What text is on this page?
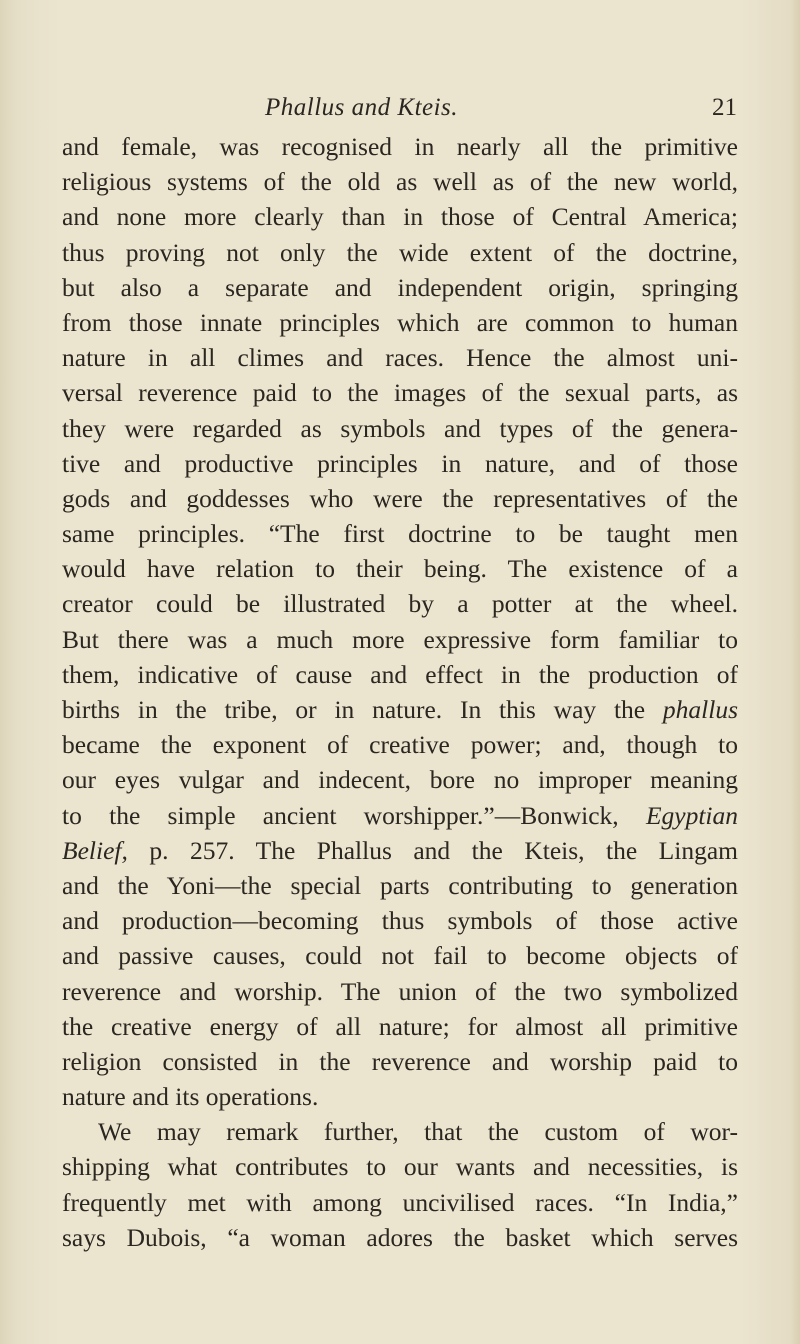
Phallus and Kteis.	21
and female, was recognised in nearly all the primitive
religious systems of the old as well as of the new world,
and none more clearly than in those of Central America;
thus proving not only the wide extent of the doctrine,
but also a separate and independent origin, springing
from those innate principles which are common to human
nature in all climes and races. Hence the almost uni-
versal reverence paid to the images of the sexual parts, as
they were regarded as symbols and types of the genera-
tive and productive principles in nature, and of those
gods and goddesses who were the representatives of the
same principles. “The first doctrine to be taught men
would have relation to their being. The existence of a
creator could be illustrated by a potter at the wheel.
But there was a much more expressive form familiar to
them, indicative of cause and effect in the production of
births in the tribe, or in nature. In this way the phallus
became the exponent of creative power; and, though to
our eyes vulgar and indecent, bore no improper meaning
to the simple ancient worshipper.”—Bonwick, Egyptian
Belief, p. 257. The Phallus and the Kteis, the Lingam
and the Yoni—the special parts contributing to generation
and production—becoming thus symbols of those active
and passive causes, could not fail to become objects of
reverence and worship. The union of the two symbolized
the creative energy of all nature; for almost all primitive
religion consisted in the reverence and worship paid to
nature and its operations.
We may remark further, that the custom of wor-
shipping what contributes to our wants and necessities, is
frequently met with among uncivilised races. “In India,”
says Dubois, “a woman adores the basket which serves
